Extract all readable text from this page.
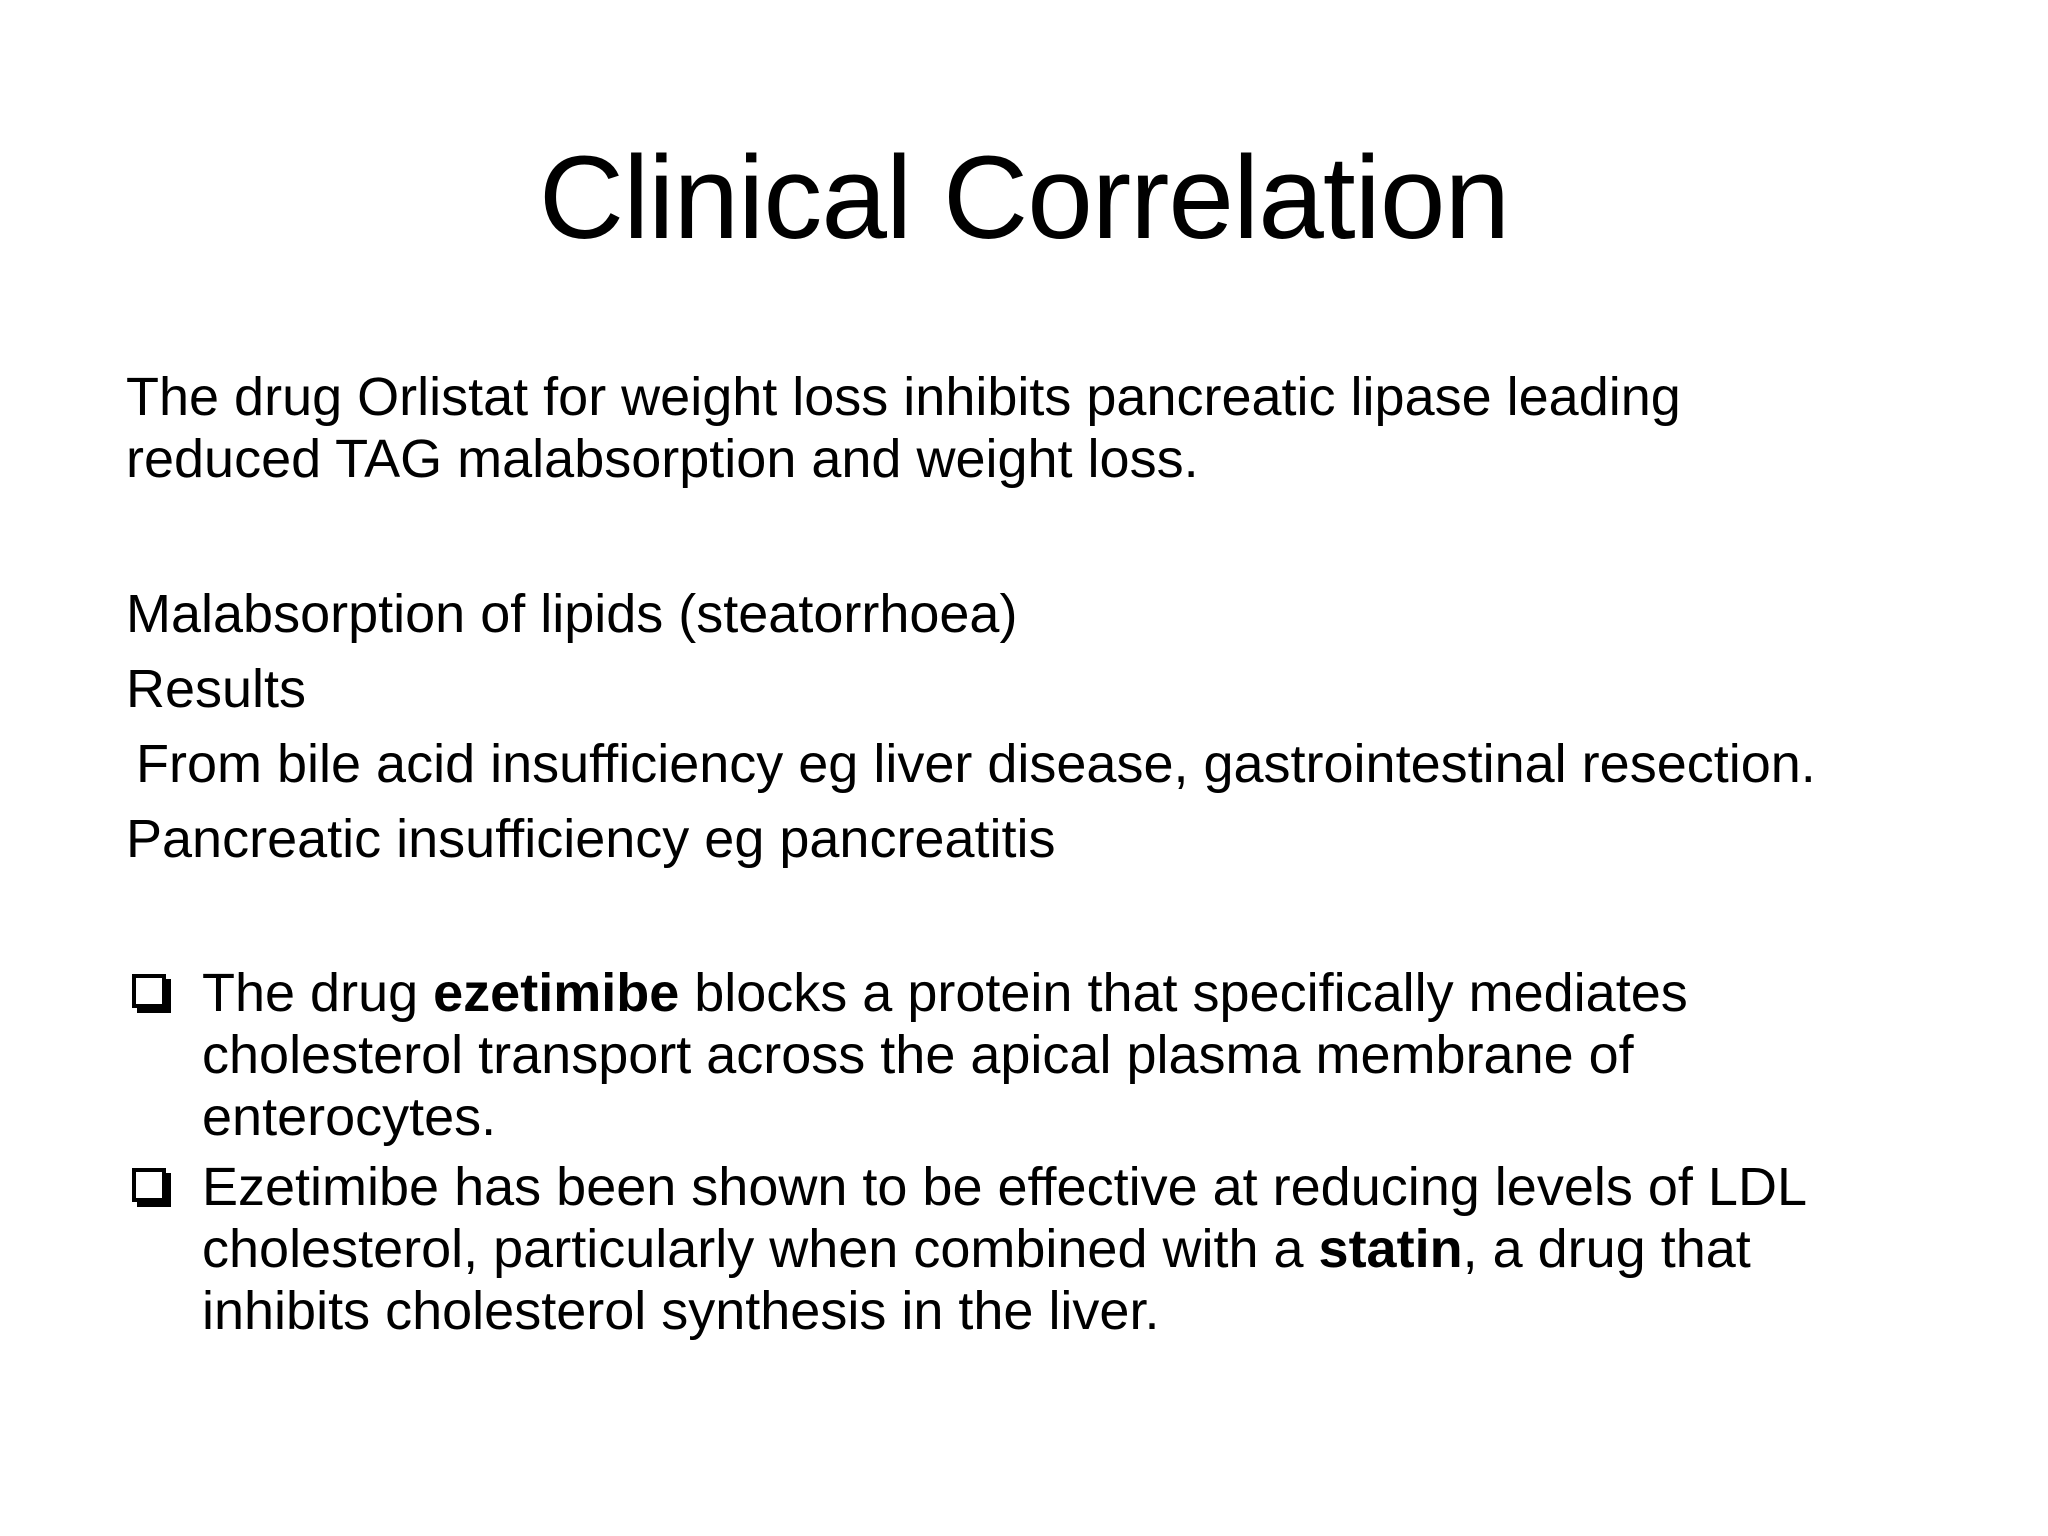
Clinical Correlation
The drug Orlistat for weight loss inhibits pancreatic lipase leading
reduced TAG malabsorption and weight loss.
Malabsorption of lipids (steatorrhoea)
Results
From bile acid insufficiency eg liver disease, gastrointestinal resection.
Pancreatic insufficiency eg pancreatitis
The drug ezetimibe blocks a protein that specifically mediates
cholesterol transport across the apical plasma membrane of
enterocytes.
Ezetimibe has been shown to be effective at reducing levels of LDL
cholesterol, particularly when combined with a statin, a drug that
inhibits cholesterol synthesis in the liver.
